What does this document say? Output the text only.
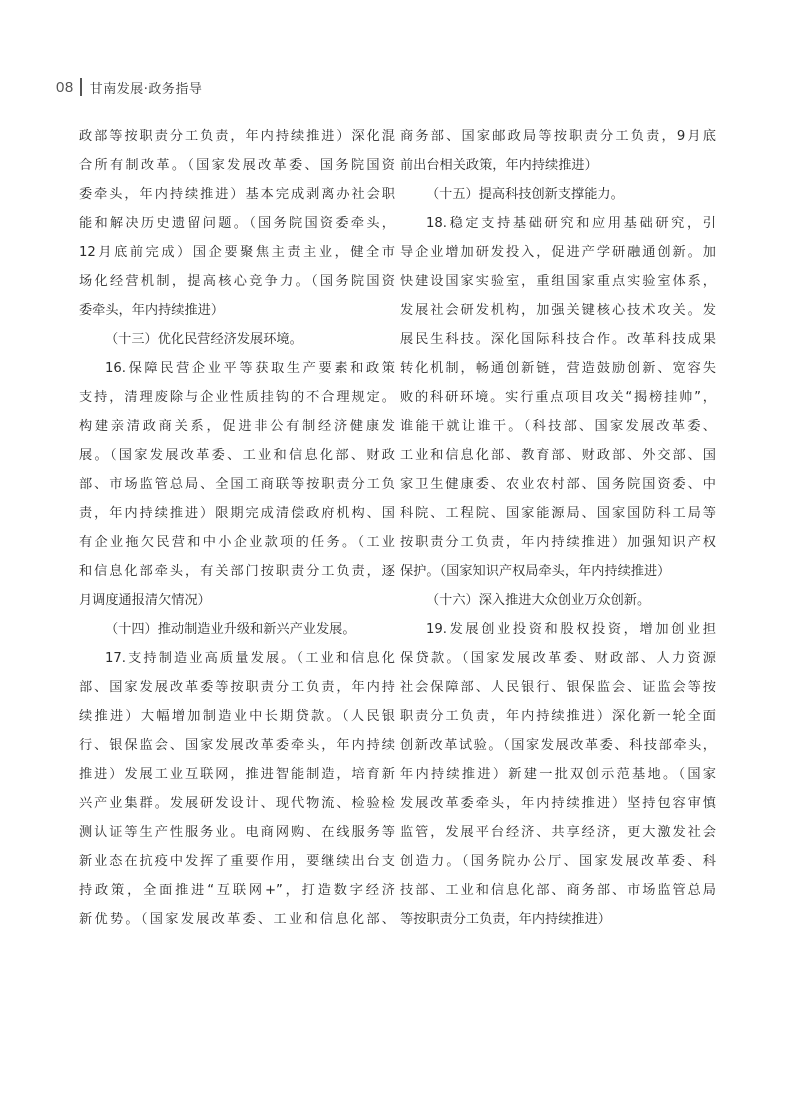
08 甘南发展·政务指导
政部等按职责分工负责，年内持续推进）深化混
合所有制改革。（国家发展改革委、国务院国资
委牵头，年内持续推进）基本完成剥离办社会职
能和解决历史遗留问题。（国务院国资委牵头，
12月底前完成）国企要聚焦主责主业，健全市
场化经营机制，提高核心竞争力。（国务院国资
委牵头，年内持续推进）
（十三）优化民营经济发展环境。
16.保障民营企业平等获取生产要素和政策
支持，清理废除与企业性质挂钩的不合理规定。
构建亲清政商关系，促进非公有制经济健康发
展。（国家发展改革委、工业和信息化部、财政
部、市场监管总局、全国工商联等按职责分工负
责，年内持续推进）限期完成清偿政府机构、国
有企业拖欠民营和中小企业款项的任务。（工业
和信息化部牵头，有关部门按职责分工负责，逐
月调度通报清欠情况）
（十四）推动制造业升级和新兴产业发展。
17.支持制造业高质量发展。（工业和信息化
部、国家发展改革委等按职责分工负责，年内持
续推进）大幅增加制造业中长期贷款。（人民银
行、银保监会、国家发展改革委牵头，年内持续
推进）发展工业互联网，推进智能制造，培育新
兴产业集群。发展研发设计、现代物流、检验检
测认证等生产性服务业。电商网购、在线服务等
新业态在抗疫中发挥了重要作用，要继续出台支
持政策，全面推进“互联网+”，打造数字经济
新优势。（国家发展改革委、工业和信息化部、
商务部、国家邮政局等按职责分工负责，9月底
前出台相关政策，年内持续推进）
（十五）提高科技创新支撑能力。
18.稳定支持基础研究和应用基础研究，引
导企业增加研发投入，促进产学研融通创新。加
快建设国家实验室，重组国家重点实验室体系，
发展社会研发机构，加强关键核心技术攻关。发
展民生科技。深化国际科技合作。改革科技成果
转化机制，畅通创新链，营造鼓励创新、宽容失
败的科研环境。实行重点项目攻关“揭榜挂帅”，
谁能干就让谁干。（科技部、国家发展改革委、
工业和信息化部、教育部、财政部、外交部、国
家卫生健康委、农业农村部、国务院国资委、中
科院、工程院、国家能源局、国家国防科工局等
按职责分工负责，年内持续推进）加强知识产权
保护。（国家知识产权局牵头，年内持续推进）
（十六）深入推进大众创业万众创新。
19.发展创业投资和股权投资，增加创业担
保贷款。（国家发展改革委、财政部、人力资源
社会保障部、人民银行、银保监会、证监会等按
职责分工负责，年内持续推进）深化新一轮全面
创新改革试验。（国家发展改革委、科技部牵头，
年内持续推进）新建一批双创示范基地。（国家
发展改革委牵头，年内持续推进）坚持包容审慎
监管，发展平台经济、共享经济，更大激发社会
创造力。（国务院办公厅、国家发展改革委、科
技部、工业和信息化部、商务部、市场监管总局
等按职责分工负责，年内持续推进）
